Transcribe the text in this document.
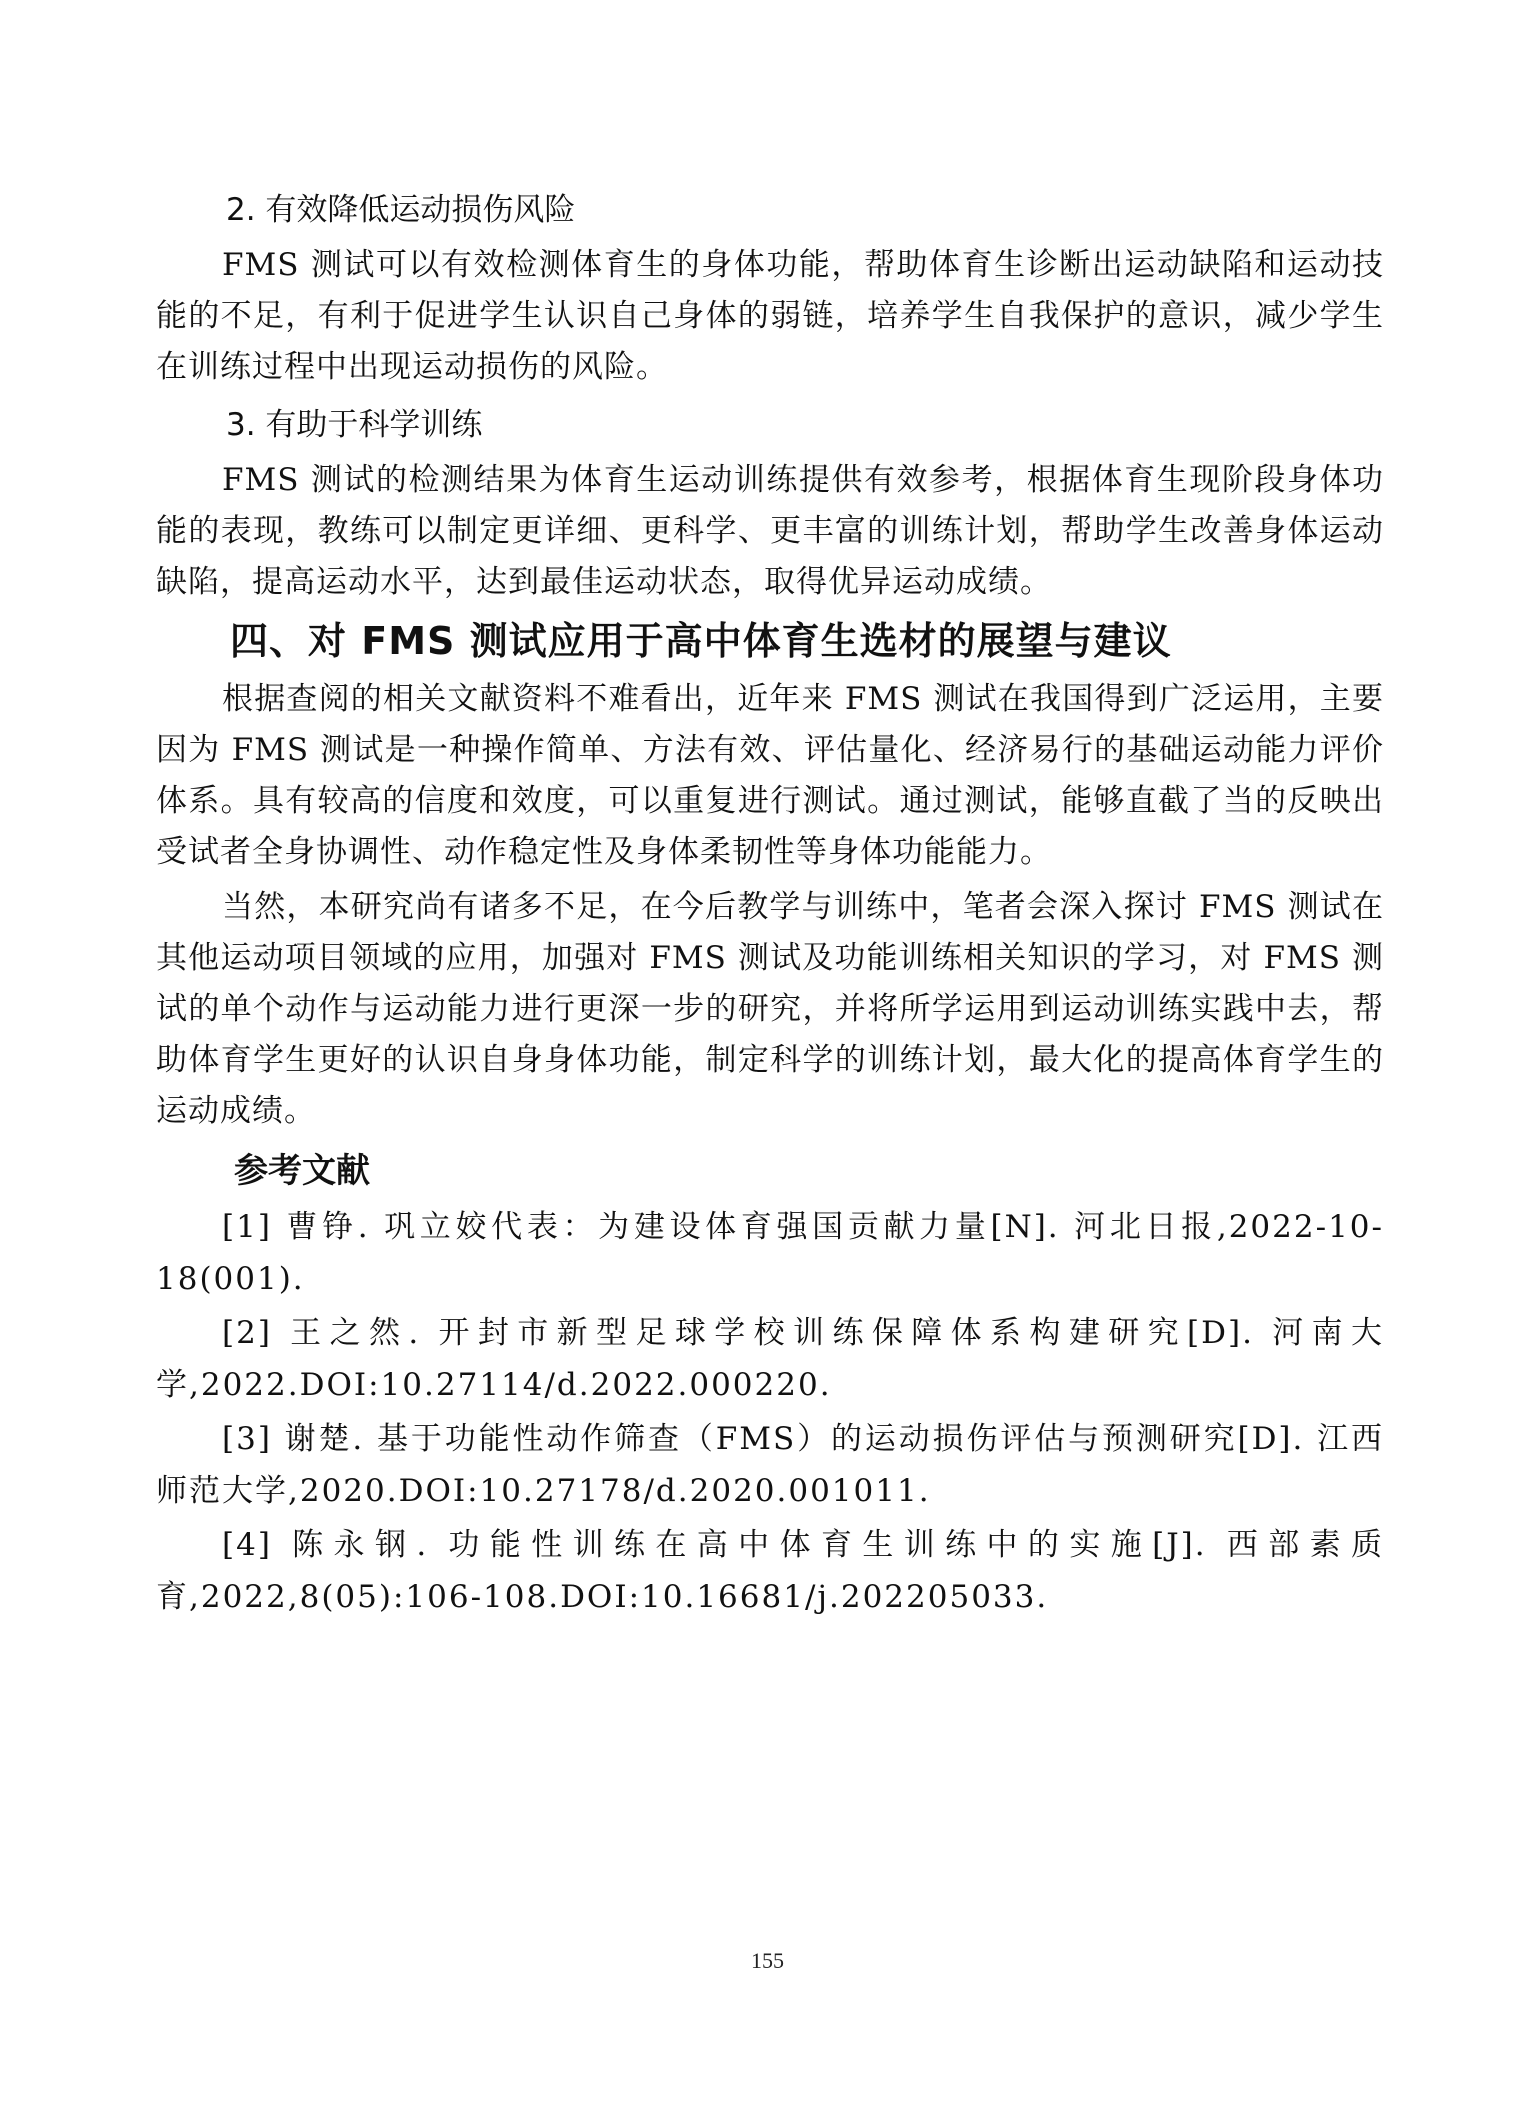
2. 有效降低运动损伤风险

FMS 测试可以有效检测体育生的身体功能，帮助体育生诊断出运动缺陷和运动技能的不足，有利于促进学生认识自己身体的弱链，培养学生自我保护的意识，减少学生在训练过程中出现运动损伤的风险。

3. 有助于科学训练

FMS 测试的检测结果为体育生运动训练提供有效参考，根据体育生现阶段身体功能的表现，教练可以制定更详细、更科学、更丰富的训练计划，帮助学生改善身体运动缺陷，提高运动水平，达到最佳运动状态，取得优异运动成绩。

四、对 FMS 测试应用于高中体育生选材的展望与建议

根据查阅的相关文献资料不难看出，近年来 FMS 测试在我国得到广泛运用，主要因为 FMS 测试是一种操作简单、方法有效、评估量化、经济易行的基础运动能力评价体系。具有较高的信度和效度，可以重复进行测试。通过测试，能够直截了当的反映出受试者全身协调性、动作稳定性及身体柔韧性等身体功能能力。

当然，本研究尚有诸多不足，在今后教学与训练中，笔者会深入探讨 FMS 测试在其他运动项目领域的应用，加强对 FMS 测试及功能训练相关知识的学习，对 FMS 测试的单个动作与运动能力进行更深一步的研究，并将所学运用到运动训练实践中去，帮助体育学生更好的认识自身身体功能，制定科学的训练计划，最大化的提高体育学生的运动成绩。

参考文献

[1] 曹铮. 巩立姣代表：为建设体育强国贡献力量[N]. 河北日报,2022-10-18(001).

[2] 王之然. 开封市新型足球学校训练保障体系构建研究[D]. 河南大学,2022.DOI:10.27114/d.2022.000220.

[3] 谢楚. 基于功能性动作筛查（FMS）的运动损伤评估与预测研究[D]. 江西师范大学,2020.DOI:10.27178/d.2020.001011.

[4] 陈永钢. 功能性训练在高中体育生训练中的实施[J]. 西部素质育,2022,8(05):106-108.DOI:10.16681/j.202205033.

155
